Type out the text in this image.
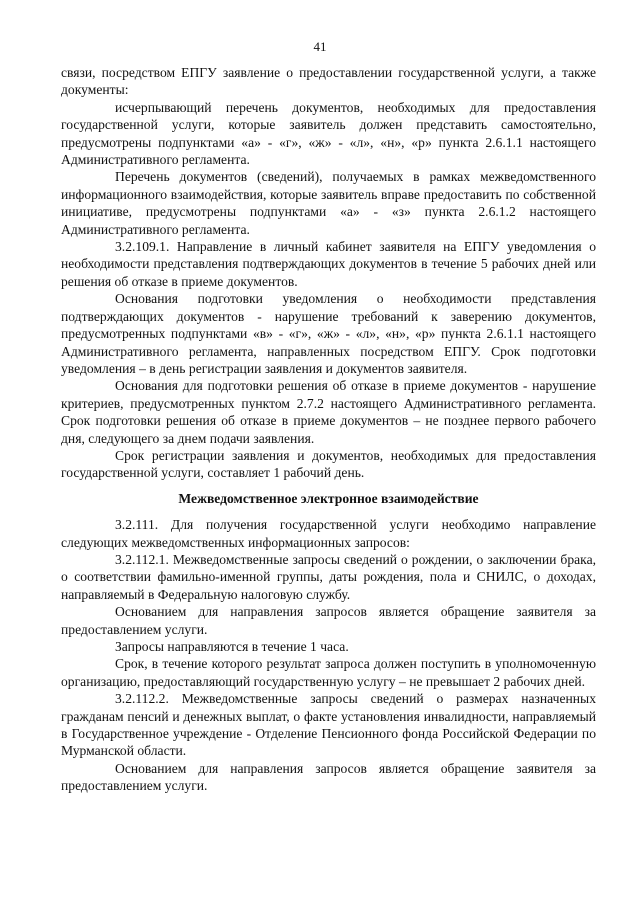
41

связи, посредством ЕПГУ заявление о предоставлении государственной услуги, а также документы:

исчерпывающий перечень документов, необходимых для предоставления государственной услуги, которые заявитель должен представить самостоятельно, предусмотрены подпунктами «а» - «г», «ж» - «л», «н», «р» пункта 2.6.1.1 настоящего Административного регламента.

Перечень документов (сведений), получаемых в рамках межведомственного информационного взаимодействия, которые заявитель вправе предоставить по собственной инициативе, предусмотрены подпунктами «а» - «з» пункта 2.6.1.2 настоящего Административного регламента.

3.2.109.1. Направление в личный кабинет заявителя на ЕПГУ уведомления о необходимости представления подтверждающих документов в течение 5 рабочих дней или решения об отказе в приеме документов.

Основания подготовки уведомления о необходимости представления подтверждающих документов - нарушение требований к заверению документов, предусмотренных подпунктами «в» - «г», «ж» - «л», «н», «р» пункта 2.6.1.1 настоящего Административного регламента, направленных посредством ЕПГУ. Срок подготовки уведомления – в день регистрации заявления и документов заявителя.

Основания для подготовки решения об отказе в приеме документов - нарушение критериев, предусмотренных пунктом 2.7.2 настоящего Административного регламента. Срок подготовки решения об отказе в приеме документов – не позднее первого рабочего дня, следующего за днем подачи заявления.

Срок регистрации заявления и документов, необходимых для предоставления государственной услуги, составляет 1 рабочий день.

Межведомственное электронное взаимодействие

3.2.111. Для получения государственной услуги необходимо направление следующих межведомственных информационных запросов:

3.2.112.1. Межведомственные запросы сведений о рождении, о заключении брака, о соответствии фамильно-именной группы, даты рождения, пола и СНИЛС, о доходах, направляемый в Федеральную налоговую службу.

Основанием для направления запросов является обращение заявителя за предоставлением услуги.

Запросы направляются в течение 1 часа.

Срок, в течение которого результат запроса должен поступить в уполномоченную организацию, предоставляющий государственную услугу – не превышает 2 рабочих дней.

3.2.112.2. Межведомственные запросы сведений о размерах назначенных гражданам пенсий и денежных выплат, о факте установления инвалидности, направляемый в Государственное учреждение - Отделение Пенсионного фонда Российской Федерации по Мурманской области.

Основанием для направления запросов является обращение заявителя за предоставлением услуги.
